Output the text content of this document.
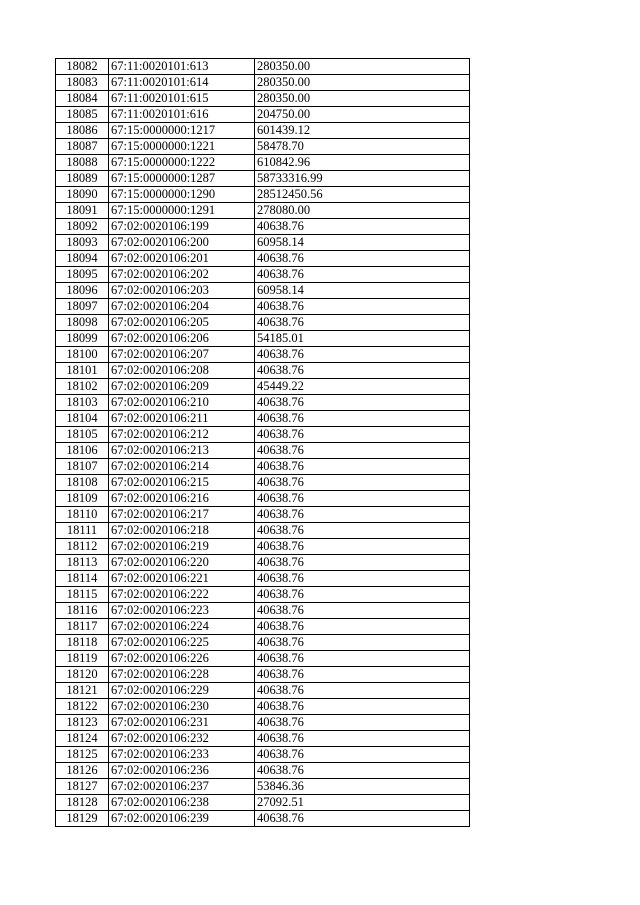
18082	67:11:0020101:613	280350.00
18083	67:11:0020101:614	280350.00
18084	67:11:0020101:615	280350.00
18085	67:11:0020101:616	204750.00
18086	67:15:0000000:1217	601439.12
18087	67:15:0000000:1221	58478.70
18088	67:15:0000000:1222	610842.96
18089	67:15:0000000:1287	58733316.99
18090	67:15:0000000:1290	28512450.56
18091	67:15:0000000:1291	278080.00
18092	67:02:0020106:199	40638.76
18093	67:02:0020106:200	60958.14
18094	67:02:0020106:201	40638.76
18095	67:02:0020106:202	40638.76
18096	67:02:0020106:203	60958.14
18097	67:02:0020106:204	40638.76
18098	67:02:0020106:205	40638.76
18099	67:02:0020106:206	54185.01
18100	67:02:0020106:207	40638.76
18101	67:02:0020106:208	40638.76
18102	67:02:0020106:209	45449.22
18103	67:02:0020106:210	40638.76
18104	67:02:0020106:211	40638.76
18105	67:02:0020106:212	40638.76
18106	67:02:0020106:213	40638.76
18107	67:02:0020106:214	40638.76
18108	67:02:0020106:215	40638.76
18109	67:02:0020106:216	40638.76
18110	67:02:0020106:217	40638.76
18111	67:02:0020106:218	40638.76
18112	67:02:0020106:219	40638.76
18113	67:02:0020106:220	40638.76
18114	67:02:0020106:221	40638.76
18115	67:02:0020106:222	40638.76
18116	67:02:0020106:223	40638.76
18117	67:02:0020106:224	40638.76
18118	67:02:0020106:225	40638.76
18119	67:02:0020106:226	40638.76
18120	67:02:0020106:228	40638.76
18121	67:02:0020106:229	40638.76
18122	67:02:0020106:230	40638.76
18123	67:02:0020106:231	40638.76
18124	67:02:0020106:232	40638.76
18125	67:02:0020106:233	40638.76
18126	67:02:0020106:236	40638.76
18127	67:02:0020106:237	53846.36
18128	67:02:0020106:238	27092.51
18129	67:02:0020106:239	40638.76
